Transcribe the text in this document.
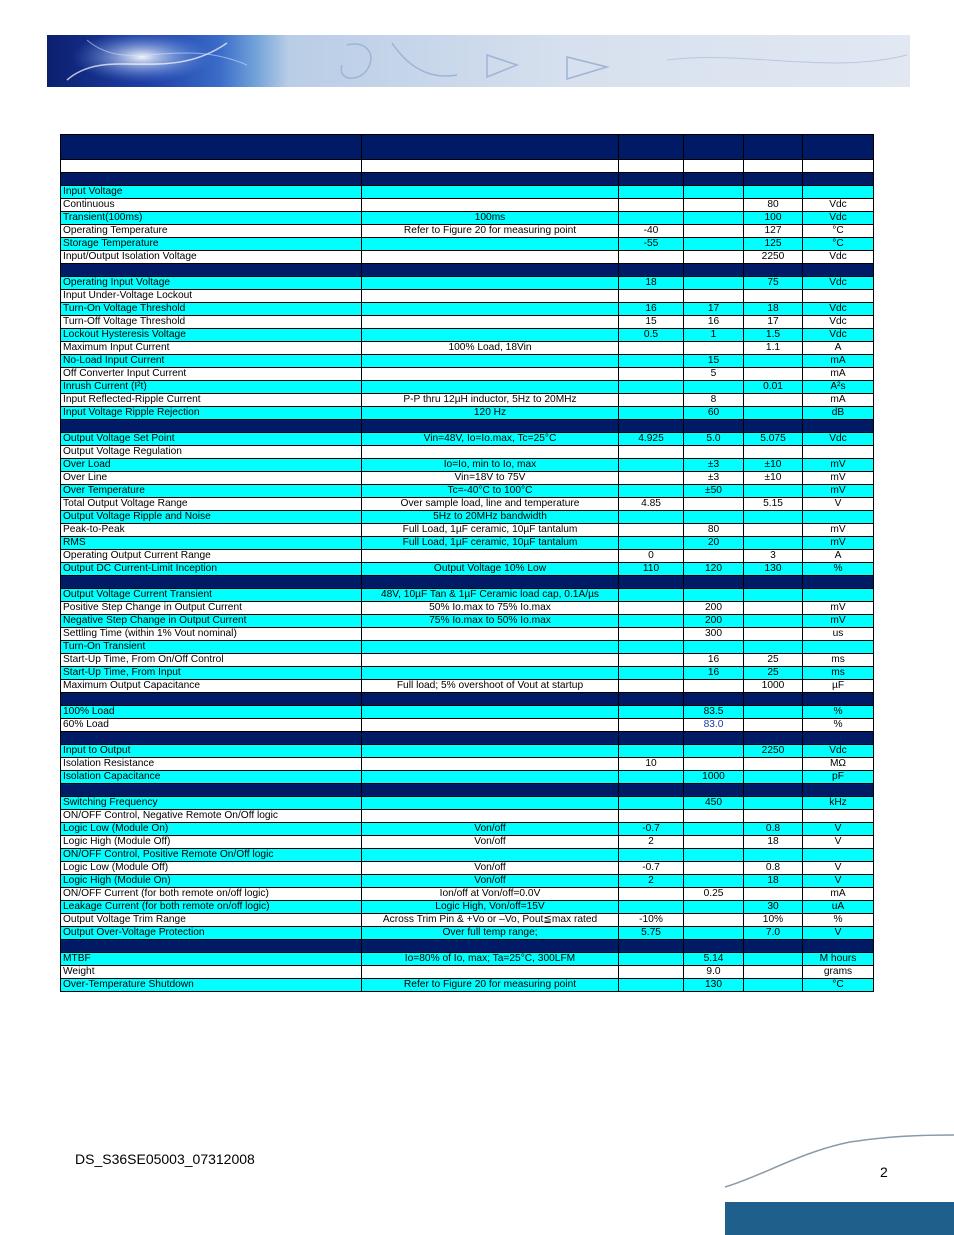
Input Voltage					
Continuous				80	Vdc
Transient(100ms)	100ms			100	Vdc
Operating Temperature	Refer to Figure 20 for measuring point	-40		127	°C
Storage Temperature		-55		125	°C
Input/Output Isolation Voltage				2250	Vdc

Operating Input Voltage		18		75	Vdc
Input Under-Voltage Lockout					
Turn-On Voltage Threshold		16	17	18	Vdc
Turn-Off Voltage Threshold		15	16	17	Vdc
Lockout Hysteresis Voltage		0.5	1	1.5	Vdc
Maximum Input Current	100% Load, 18Vin			1.1	A
No-Load Input Current			15		mA
Off Converter Input Current			5		mA
Inrush Current (I²t)				0.01	A²s
Input Reflected-Ripple Current	P-P thru 12µH inductor, 5Hz to 20MHz		8		mA
Input Voltage Ripple Rejection	120 Hz		60		dB

Output Voltage Set Point	Vin=48V, Io=Io.max, Tc=25°C	4.925	5.0	5.075	Vdc
Output Voltage Regulation					
Over Load	Io=Io, min to Io, max		±3	±10	mV
Over Line	Vin=18V to 75V		±3	±10	mV
Over Temperature	Tc=-40°C to 100°C		±50		mV
Total Output Voltage Range	Over sample load, line and temperature	4.85		5.15	V
Output Voltage Ripple and Noise	5Hz to 20MHz bandwidth				
Peak-to-Peak	Full Load, 1µF ceramic, 10µF tantalum		80		mV
RMS	Full Load, 1µF ceramic, 10µF tantalum		20		mV
Operating Output Current Range		0		3	A
Output DC Current-Limit Inception	Output Voltage 10% Low	110	120	130	%

Output Voltage Current Transient	48V, 10µF Tan & 1µF Ceramic load cap, 0.1A/µs				
Positive Step Change in Output Current	50% Io.max to 75% Io.max		200		mV
Negative Step Change in Output Current	75% Io.max to 50% Io.max		200		mV
Settling Time (within 1% Vout nominal)			300		us
Turn-On Transient					
Start-Up Time, From On/Off Control			16	25	ms
Start-Up Time, From Input			16	25	ms
Maximum Output Capacitance	Full load; 5% overshoot of Vout at startup			1000	µF

100% Load			83.5		%
60% Load			83.0		%

Input to Output				2250	Vdc
Isolation Resistance		10			MΩ
Isolation Capacitance			1000		pF

Switching Frequency			450		kHz
ON/OFF Control, Negative Remote On/Off logic					
Logic Low (Module On)	Von/off	-0.7		0.8	V
Logic High (Module Off)	Von/off	2		18	V
ON/OFF Control, Positive Remote On/Off logic					
Logic Low (Module Off)	Von/off	-0.7		0.8	V
Logic High (Module On)	Von/off	2		18	V
ON/OFF Current (for both remote on/off logic)	Ion/off at Von/off=0.0V		0.25		mA
Leakage Current (for both remote on/off logic)	Logic High, Von/off=15V			30	uA
Output Voltage Trim Range	Across Trim Pin & +Vo or –Vo, Pout≦max rated	-10%		10%	%
Output Over-Voltage Protection	Over full temp range;	5.75		7.0	V

MTBF	Io=80% of Io, max; Ta=25°C, 300LFM		5.14		M hours
Weight			9.0		grams
Over-Temperature Shutdown	Refer to Figure 20 for measuring point		130		°C
DS_S36SE05003_07312008
2
